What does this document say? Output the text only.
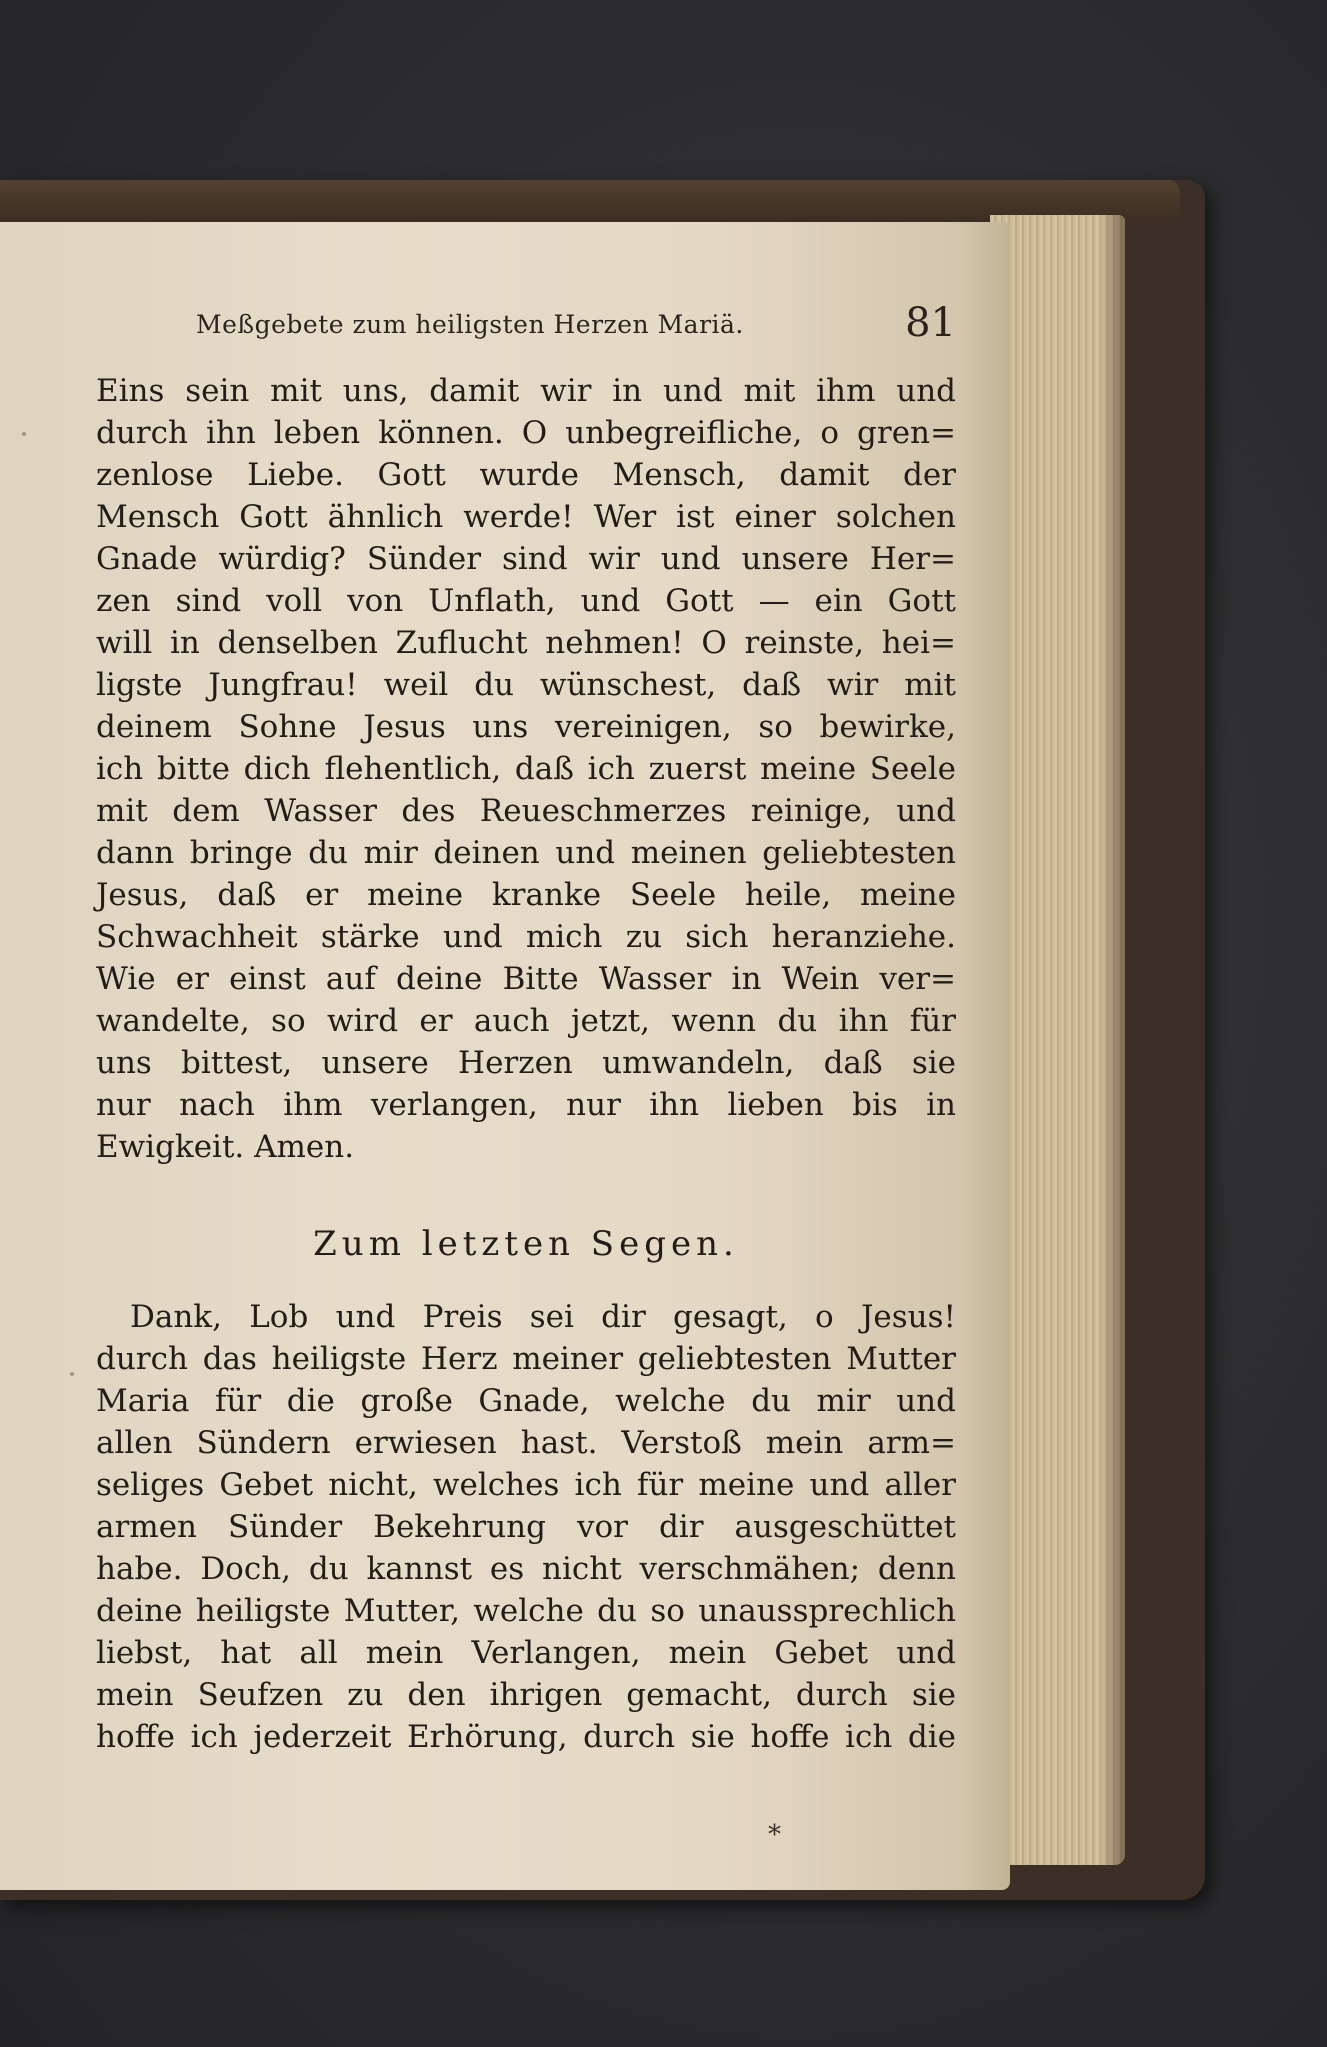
Meßgebete zum heiligsten Herzen Mariä.	81
Eins sein mit uns, damit wir in und mit ihm und
durch ihn leben können. O unbegreifliche, o gren=
zenlose Liebe. Gott wurde Mensch, damit der
Mensch Gott ähnlich werde! Wer ist einer solchen
Gnade würdig? Sünder sind wir und unsere Her=
zen sind voll von Unflath, und Gott — ein Gott
will in denselben Zuflucht nehmen! O reinste, hei=
ligste Jungfrau! weil du wünschest, daß wir mit
deinem Sohne Jesus uns vereinigen, so bewirke,
ich bitte dich flehentlich, daß ich zuerst meine Seele
mit dem Wasser des Reueschmerzes reinige, und
dann bringe du mir deinen und meinen geliebtesten
Jesus, daß er meine kranke Seele heile, meine
Schwachheit stärke und mich zu sich heranziehe.
Wie er einst auf deine Bitte Wasser in Wein ver=
wandelte, so wird er auch jetzt, wenn du ihn für
uns bittest, unsere Herzen umwandeln, daß sie
nur nach ihm verlangen, nur ihn lieben bis in
Ewigkeit. Amen.
Zum letzten Segen.
Dank, Lob und Preis sei dir gesagt, o Jesus!
durch das heiligste Herz meiner geliebtesten Mutter
Maria für die große Gnade, welche du mir und
allen Sündern erwiesen hast. Verstoß mein arm=
seliges Gebet nicht, welches ich für meine und aller
armen Sünder Bekehrung vor dir ausgeschüttet
habe. Doch, du kannst es nicht verschmähen; denn
deine heiligste Mutter, welche du so unaussprechlich
liebst, hat all mein Verlangen, mein Gebet und
mein Seufzen zu den ihrigen gemacht, durch sie
hoffe ich jederzeit Erhörung, durch sie hoffe ich die
*
